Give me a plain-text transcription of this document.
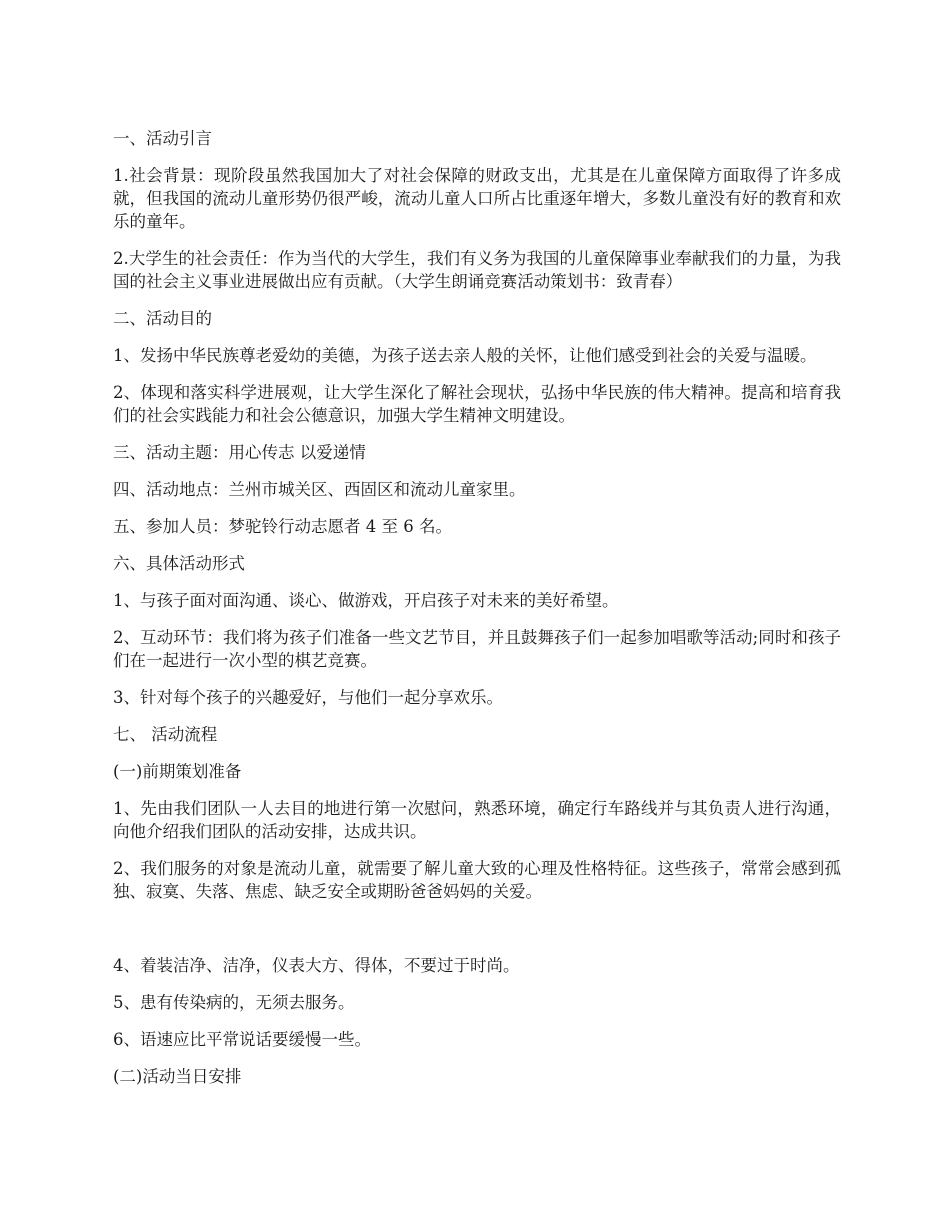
一、活动引言

1.社会背景：现阶段虽然我国加大了对社会保障的财政支出，尤其是在儿童保障方面取得了许多成就，但我国的流动儿童形势仍很严峻，流动儿童人口所占比重逐年增大，多数儿童没有好的教育和欢乐的童年。

2.大学生的社会责任：作为当代的大学生，我们有义务为我国的儿童保障事业奉献我们的力量，为我国的社会主义事业进展做出应有贡献。（大学生朗诵竞赛活动策划书：致青春）

二、活动目的

1、发扬中华民族尊老爱幼的美德，为孩子送去亲人般的关怀，让他们感受到社会的关爱与温暖。

2、体现和落实科学进展观，让大学生深化了解社会现状，弘扬中华民族的伟大精神。提高和培育我们的社会实践能力和社会公德意识，加强大学生精神文明建设。

三、活动主题：用心传志 以爱递情

四、活动地点：兰州市城关区、西固区和流动儿童家里。

五、参加人员：梦驼铃行动志愿者 4 至 6 名。

六、具体活动形式

1、与孩子面对面沟通、谈心、做游戏，开启孩子对未来的美好希望。

2、互动环节：我们将为孩子们准备一些文艺节目，并且鼓舞孩子们一起参加唱歌等活动;同时和孩子们在一起进行一次小型的棋艺竞赛。

3、针对每个孩子的兴趣爱好，与他们一起分享欢乐。

七、 活动流程

(一)前期策划准备

1、先由我们团队一人去目的地进行第一次慰问，熟悉环境，确定行车路线并与其负责人进行沟通，向他介绍我们团队的活动安排，达成共识。

2、我们服务的对象是流动儿童，就需要了解儿童大致的心理及性格特征。这些孩子，常常会感到孤独、寂寞、失落、焦虑、缺乏安全或期盼爸爸妈妈的关爱。

4、着装洁净、洁净，仪表大方、得体，不要过于时尚。

5、患有传染病的，无须去服务。

6、语速应比平常说话要缓慢一些。

(二)活动当日安排
